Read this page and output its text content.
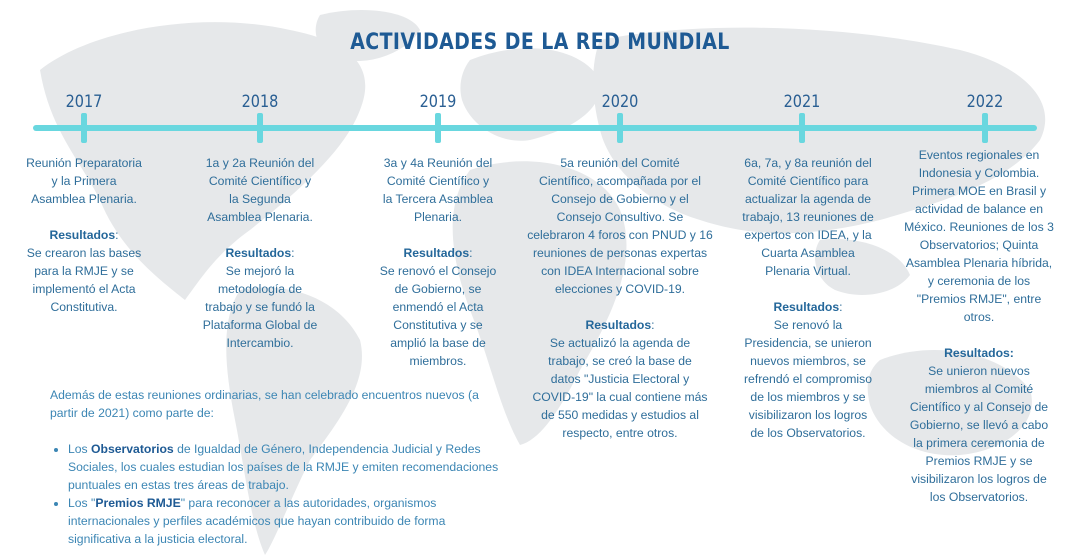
ACTIVIDADES DE LA RED MUNDIAL
2017	2018	2019	2020	2021	2022

Reunión Preparatoria

y la Primera

Asamblea Plenaria.

Resultados:

Se crearon las bases

para la RMJE y se

implementó el Acta

Constitutiva.

1a y 2a Reunión del

Comité Científico y

la Segunda

Asamblea Plenaria.

Resultados:

Se mejoró la

metodología de

trabajo y se fundó la

Plataforma Global de

Intercambio.

3a y 4a Reunión del

Comité Científico y

la Tercera Asamblea

Plenaria.

Resultados:

Se renovó el Consejo

de Gobierno, se

enmendó el Acta

Constitutiva y se

amplió la base de

miembros.

5a reunión del Comité

Científico, acompañada por el

Consejo de Gobierno y el

Consejo Consultivo. Se

celebraron 4 foros con PNUD y 16

reuniones de personas expertas

con IDEA Internacional sobre

elecciones y COVID-19.

Resultados:

Se actualizó la agenda de

trabajo, se creó la base de

datos "Justicia Electoral y

COVID-19" la cual contiene más

de 550 medidas y estudios al

respecto, entre otros.

6a, 7a, y 8a reunión del

Comité Científico para

actualizar la agenda de

trabajo, 13 reuniones de

expertos con IDEA, y la

Cuarta Asamblea

Plenaria Virtual.

Resultados:

Se renovó la

Presidencia, se unieron

nuevos miembros, se

refrendó el compromiso

de los miembros y se

visibilizaron los logros

de los Observatorios.

Eventos regionales en

Indonesia y Colombia.

Primera MOE en Brasil y

actividad de balance en

México. Reuniones de los 3

Observatorios; Quinta

Asamblea Plenaria híbrida,

y ceremonia de los

"Premios RMJE", entre

otros.

Resultados:

Se unieron nuevos

miembros al Comité

Científico y al Consejo de

Gobierno, se llevó a cabo

la primera ceremonia de

Premios RMJE y se

visibilizaron los logros de

los Observatorios.

Además de estas reuniones ordinarias, se han celebrado encuentros nuevos (a partir de 2021) como parte de:

• Los Observatorios de Igualdad de Género, Independencia Judicial y Redes Sociales, los cuales estudian los países de la RMJE y emiten recomendaciones puntuales en estas tres áreas de trabajo.
• Los "Premios RMJE" para reconocer a las autoridades, organismos internacionales y perfiles académicos que hayan contribuido de forma significativa a la justicia electoral.
